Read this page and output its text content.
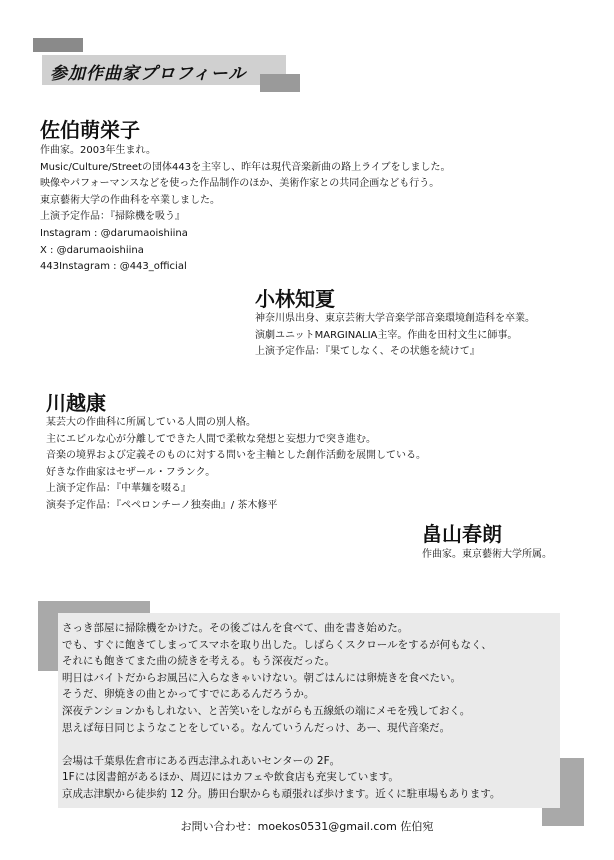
参加作曲家プロフィール
佐伯萌栄子
作曲家。2003年生まれ。
Music/Culture/Streetの団体443を主宰し、昨年は現代音楽新曲の路上ライブをしました。
映像やパフォーマンスなどを使った作品制作のほか、美術作家との共同企画なども行う。
東京藝術大学の作曲科を卒業しました。
上演予定作品：『掃除機を吸う』
Instagram : @darumaoishiina
X : @darumaoishiina
443Instagram : @443_official
小林知夏
神奈川県出身、東京芸術大学音楽学部音楽環境創造科を卒業。
演劇ユニットMARGINALIA主宰。作曲を田村文生に師事。
上演予定作品：『果てしなく、その状態を続けて』
川越康
某芸大の作曲科に所属している人間の別人格。
主にエビルな心が分離してできた人間で柔軟な発想と妄想力で突き進む。
音楽の境界および定義そのものに対する問いを主軸とした創作活動を展開している。
好きな作曲家はセザール・フランク。
上演予定作品：『中華麺を啜る』
演奏予定作品：『ペペロンチーノ独奏曲』/ 茶木修平
畠山春朗
作曲家。東京藝術大学所属。
さっき部屋に掃除機をかけた。その後ごはんを食べて、曲を書き始めた。
でも、すぐに飽きてしまってスマホを取り出した。しばらくスクロールをするが何もなく、
それにも飽きてまた曲の続きを考える。もう深夜だった。
明日はバイトだからお風呂に入らなきゃいけない。朝ごはんには卵焼きを食べたい。
そうだ、卵焼きの曲とかってすでにあるんだろうか。
深夜テンションかもしれない、と苦笑いをしながらも五線紙の端にメモを残しておく。
思えば毎日同じようなことをしている。なんていうんだっけ、あー、現代音楽だ。
会場は千葉県佐倉市にある西志津ふれあいセンターの 2F。
1Fには図書館があるほか、周辺にはカフェや飲食店も充実しています。
京成志津駅から徒歩約 12 分。勝田台駅からも頑張れば歩けます。近くに駐車場もあります。
お問い合わせ：moekos0531@gmail.com 佐伯宛
